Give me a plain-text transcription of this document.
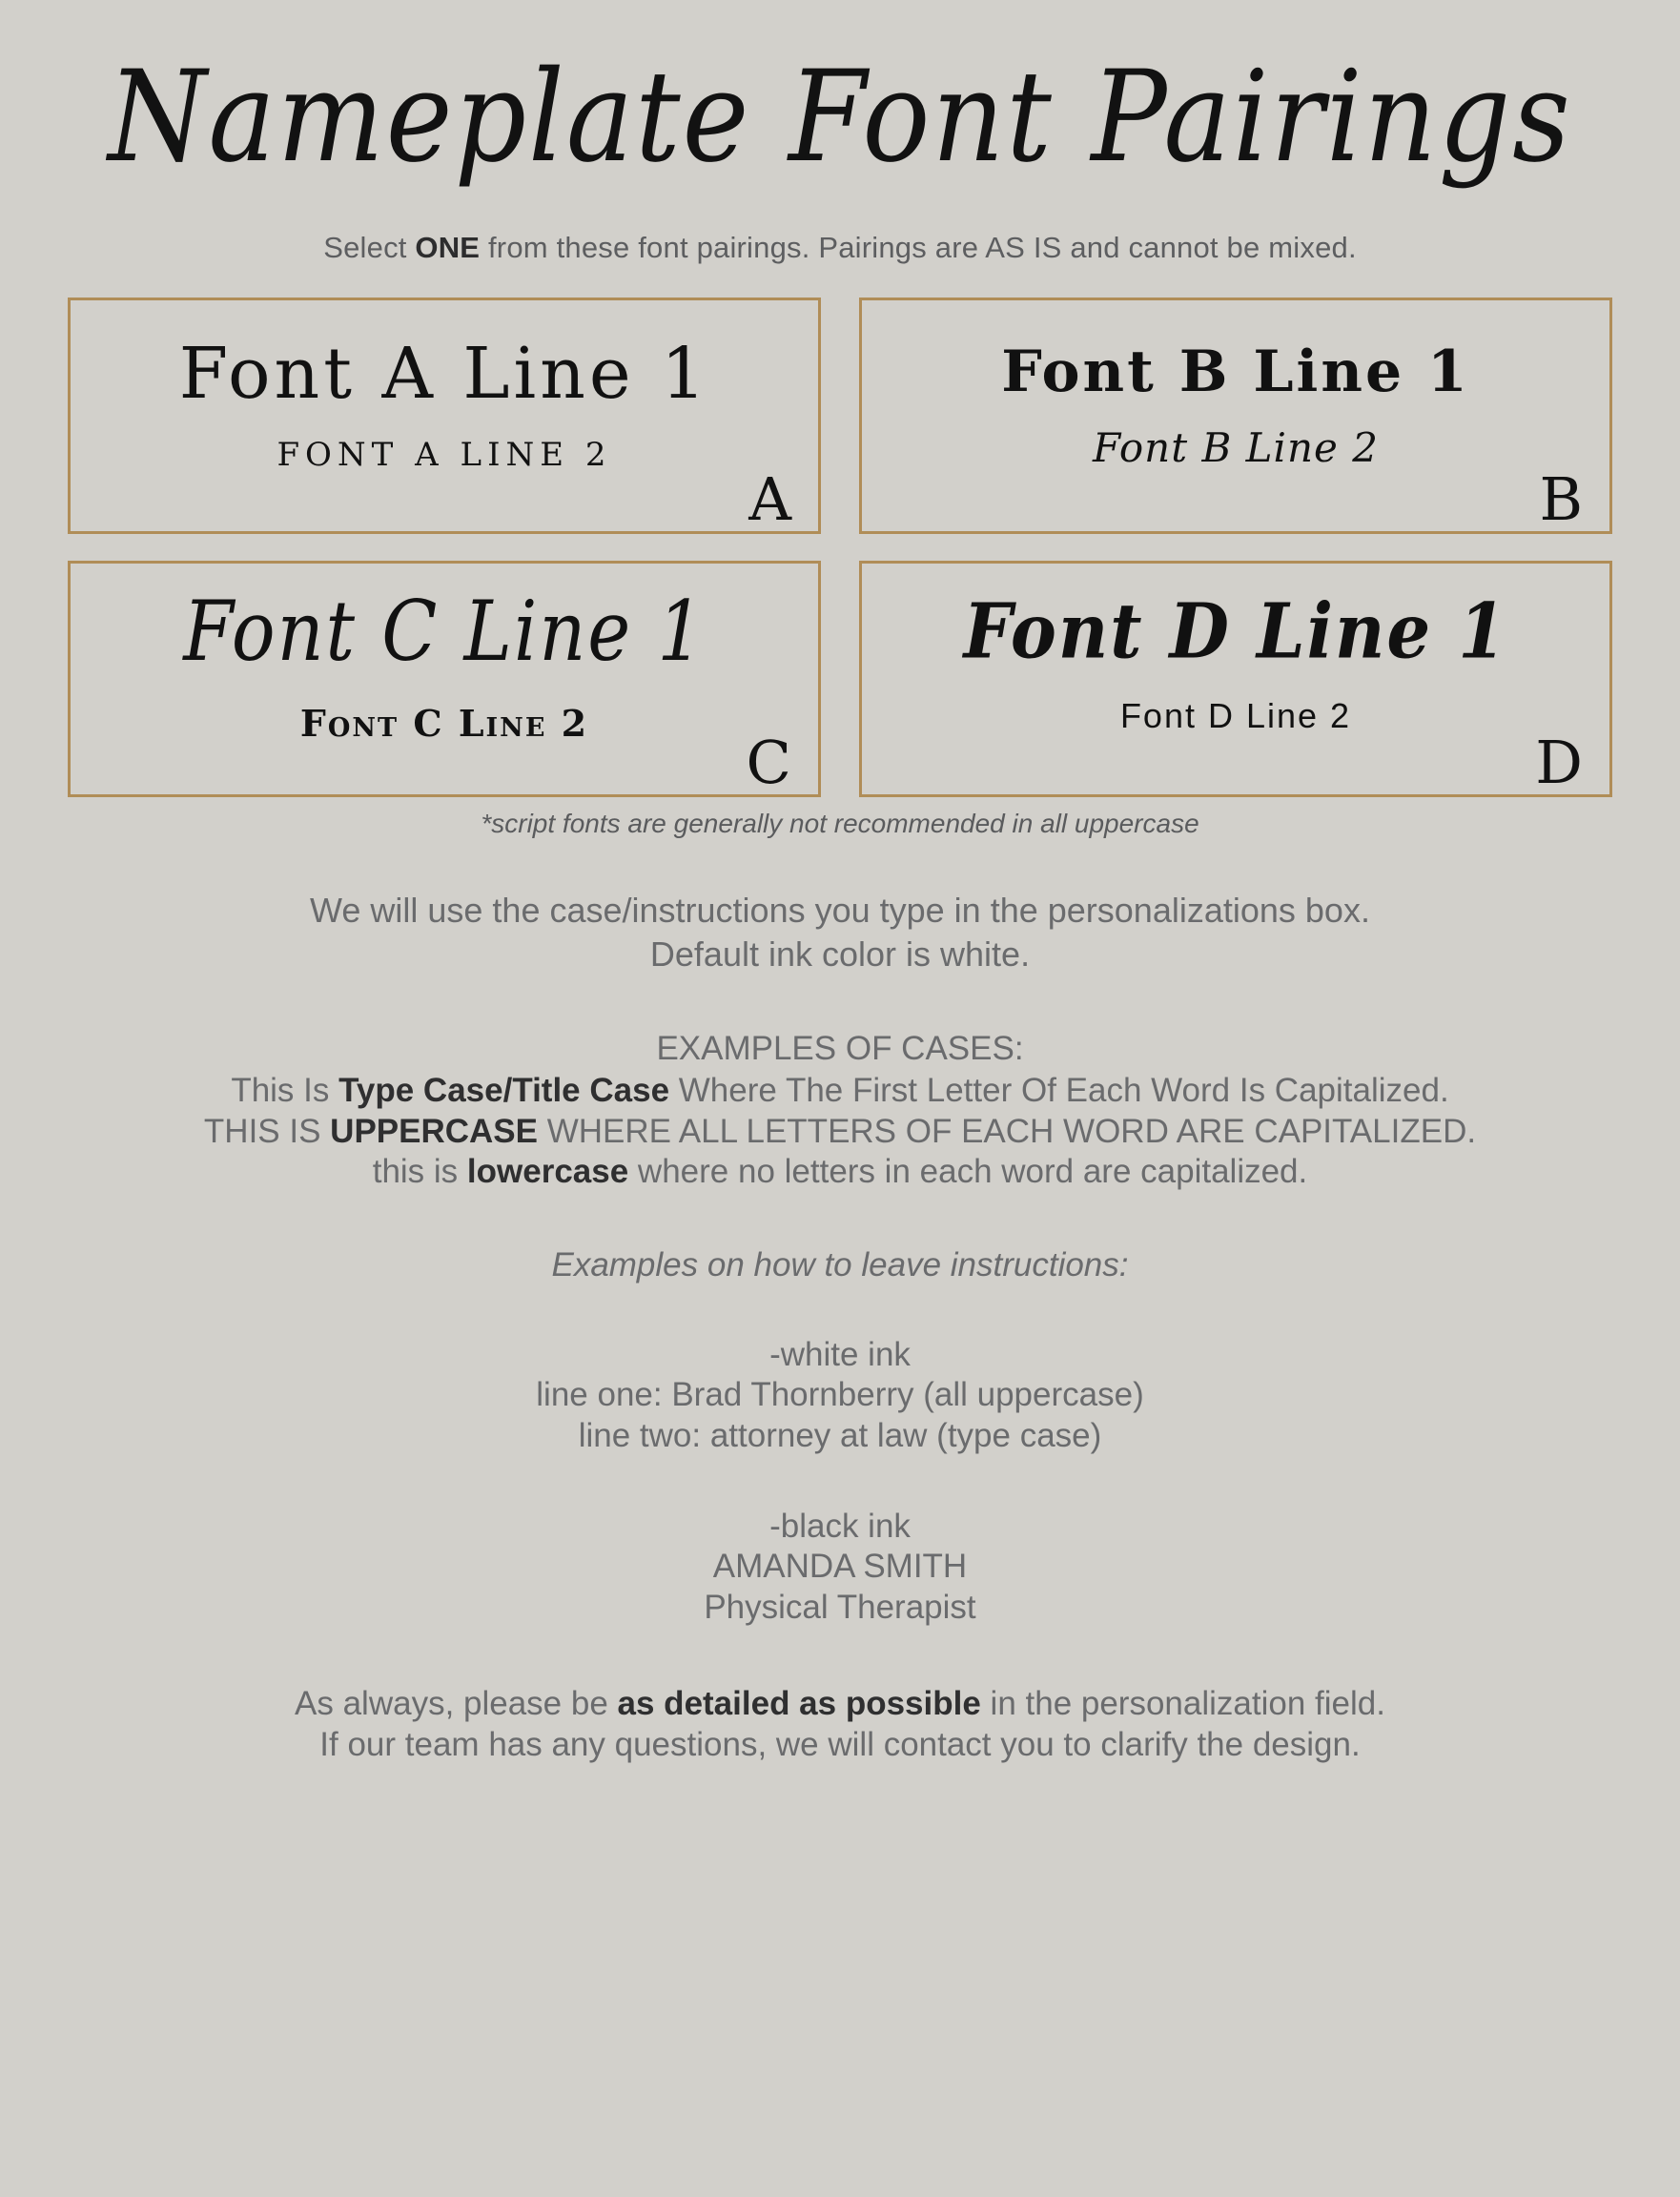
Nameplate Font Pairings
Select ONE from these font pairings. Pairings are AS IS and cannot be mixed.
Font A Line 1
FONT A LINE 2
A
Font B Line 1
Font B Line 2
B
Font C Line 1
Font C Line 2
C
Font D Line 1
Font D Line 2
D
*script fonts are generally not recommended in all uppercase
We will use the case/instructions you type in the personalizations box.
Default ink color is white.
EXAMPLES OF CASES:
This Is Type Case/Title Case Where The First Letter Of Each Word Is Capitalized.
THIS IS UPPERCASE WHERE ALL LETTERS OF EACH WORD ARE CAPITALIZED.
this is lowercase where no letters in each word are capitalized.
Examples on how to leave instructions:
-white ink
line one: Brad Thornberry (all uppercase)
line two: attorney at law (type case)
-black ink
AMANDA SMITH
Physical Therapist
As always, please be as detailed as possible in the personalization field.
If our team has any questions, we will contact you to clarify the design.
